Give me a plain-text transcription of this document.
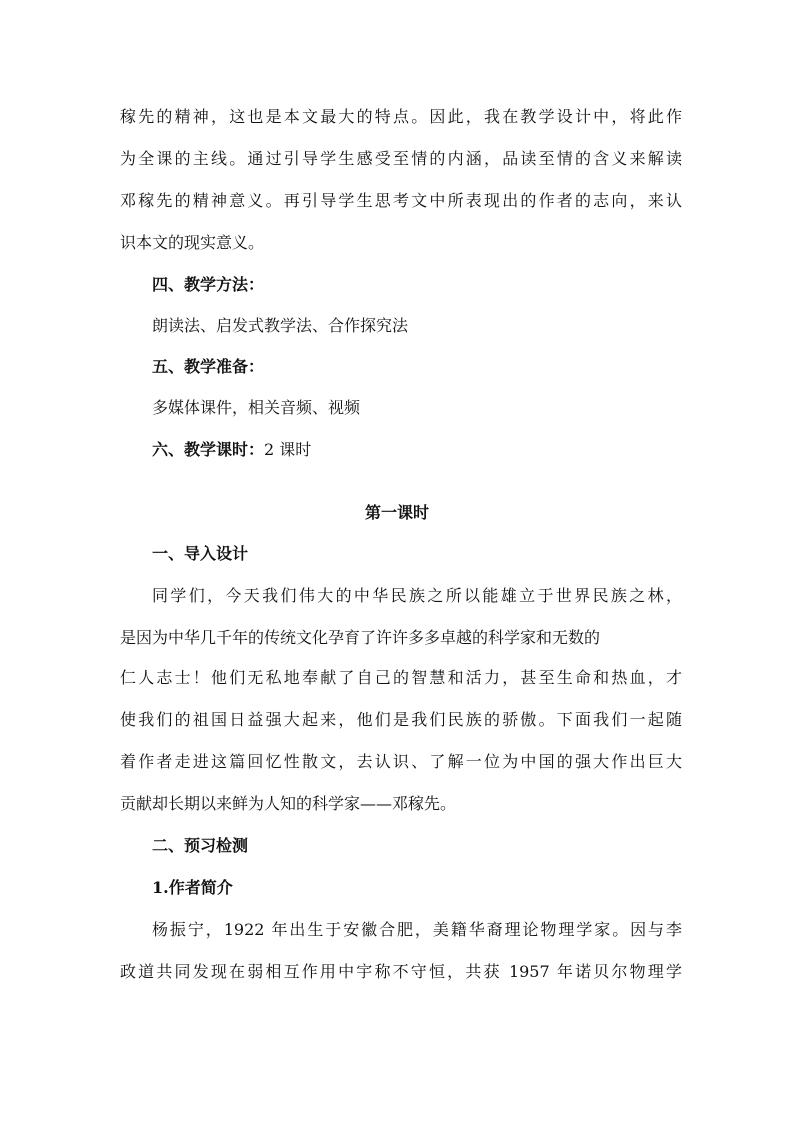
稼先的精神，这也是本文最大的特点。因此，我在教学设计中，将此作
为全课的主线。通过引导学生感受至情的内涵，品读至情的含义来解读
邓稼先的精神意义。再引导学生思考文中所表现出的作者的志向，来认
识本文的现实意义。
四、教学方法：
朗读法、启发式教学法、合作探究法
五、教学准备：
多媒体课件，相关音频、视频
六、教学课时：2 课时
第一课时
一、导入设计
同学们，今天我们伟大的中华民族之所以能雄立于世界民族之林，
是因为中华几千年的传统文化孕育了许许多多卓越的科学家和无数的
仁人志士！他们无私地奉献了自己的智慧和活力，甚至生命和热血，才
使我们的祖国日益强大起来，他们是我们民族的骄傲。下面我们一起随
着作者走进这篇回忆性散文，去认识、了解一位为中国的强大作出巨大
贡献却长期以来鲜为人知的科学家——邓稼先。
二、预习检测
1.作者简介
杨振宁，1922 年出生于安徽合肥，美籍华裔理论物理学家。因与李
政道共同发现在弱相互作用中宇称不守恒，共获 1957 年诺贝尔物理学
